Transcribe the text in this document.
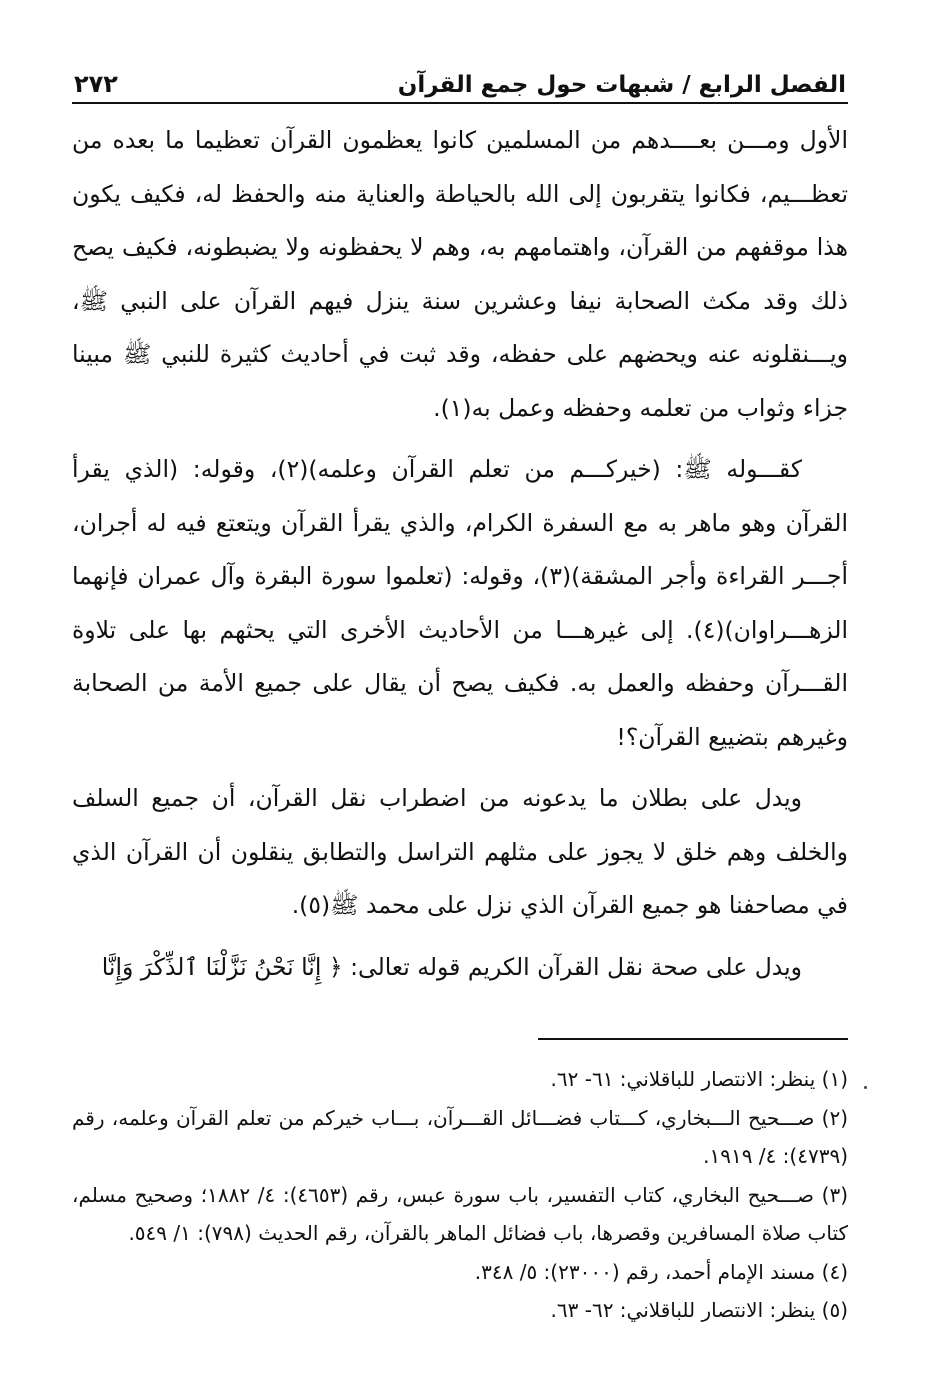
الفصل الرابع / شبهات حول جمع القرآن
٢٧٢

الأول ومـــن بعــــدهم من المسلمين كانوا يعظمون القرآن تعظيما ما بعده من تعظـــيم، فكانوا يتقربون إلى الله بالحياطة والعناية منه والحفظ له، فكيف يكون هذا موقفهم من القرآن، واهتمامهم به، وهم لا يحفظونه ولا يضبطونه، فكيف يصح ذلك وقد مكث الصحابة نيفا وعشرين سنة ينزل فيهم القرآن على النبي ﷺ، ويـــنقلونه عنه ويحضهم على حفظه، وقد ثبت في أحاديث كثيرة للنبي ﷺ مبينا جزاء وثواب من تعلمه وحفظه وعمل به(١).

كقـــوله ﷺ: (خيركـــم من تعلم القرآن وعلمه)(٢)، وقوله: (الذي يقرأ القرآن وهو ماهر به مع السفرة الكرام، والذي يقرأ القرآن ويتعتع فيه له أجران، أجـــر القراءة وأجر المشقة)(٣)، وقوله: (تعلموا سورة البقرة وآل عمران فإنهما الزهـــراوان)(٤). إلى غيرهـــا من الأحاديث الأخرى التي يحثهم بها على تلاوة القـــرآن وحفظه والعمل به. فكيف يصح أن يقال على جميع الأمة من الصحابة وغيرهم بتضييع القرآن؟!

ويدل على بطلان ما يدعونه من اضطراب نقل القرآن، أن جميع السلف والخلف وهم خلق لا يجوز على مثلهم التراسل والتطابق ينقلون أن القرآن الذي في مصاحفنا هو جميع القرآن الذي نزل على محمد ﷺ(٥).

ويدل على صحة نقل القرآن الكريم قوله تعالى: ﴿ إِنَّا نَحْنُ نَزَّلْنَا ٱلذِّكْرَ وَإِنَّا

(١) ينظر: الانتصار للباقلاني: ٦١- ٦٢.

(٢) صـــحيح الـــبخاري، كـــتاب فضـــائل القـــرآن، بـــاب خيركم من تعلم القرآن وعلمه، رقم (٤٧٣٩): ٤/ ١٩١٩.

(٣) صـــحيح البخاري، كتاب التفسير، باب سورة عبس، رقم (٤٦٥٣): ٤/ ١٨٨٢؛ وصحيح مسلم، كتاب صلاة المسافرين وقصرها، باب فضائل الماهر بالقرآن، رقم الحديث (٧٩٨): ١/ ٥٤٩.

(٤) مسند الإمام أحمد، رقم (٢٣٠٠٠): ٥/ ٣٤٨.

(٥) ينظر: الانتصار للباقلاني: ٦٢- ٦٣.
